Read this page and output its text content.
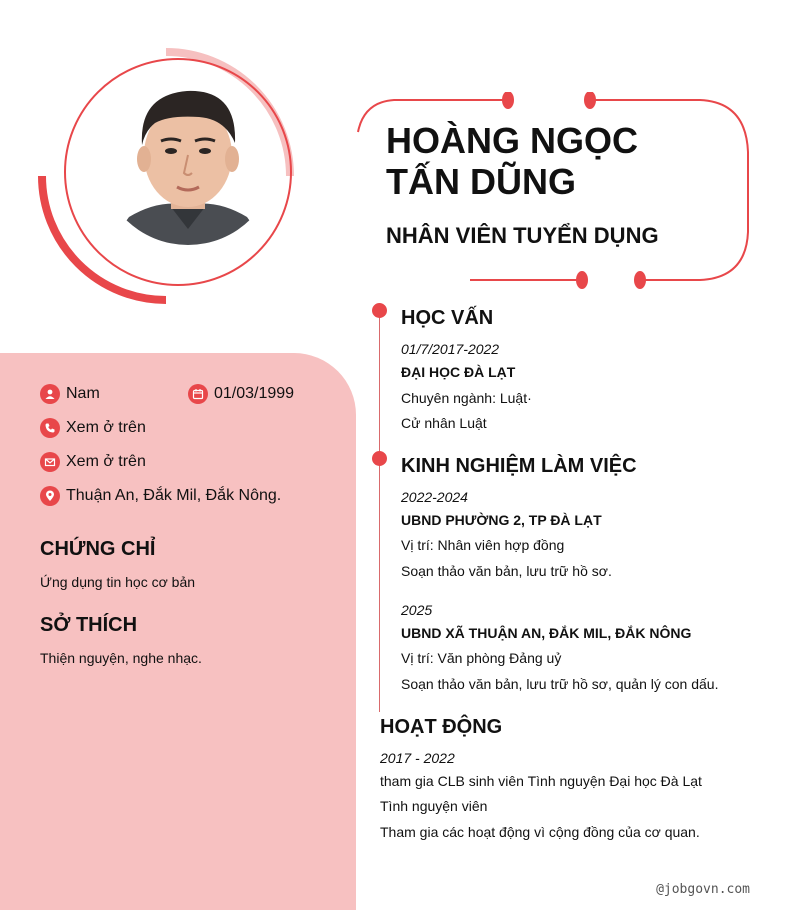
HOÀNG NGỌC
TẤN DŨNG
NHÂN VIÊN TUYỂN DỤNG
Nam	01/03/1999
Xem ở trên
Xem ở trên
Thuận An, Đắk Mil, Đắk Nông.
CHỨNG CHỈ
Ứng dụng tin học cơ bản
SỞ THÍCH
Thiện nguyện, nghe nhạc.
HỌC VẤN
01/7/2017-2022
ĐẠI HỌC ĐÀ LẠT
Chuyên ngành: Luật·
Cử nhân Luật
KINH NGHIỆM LÀM VIỆC
2022-2024
UBND PHƯỜNG 2, TP ĐÀ LẠT
Vị trí: Nhân viên hợp đồng
Soạn thảo văn bản, lưu trữ hồ sơ.
2025
UBND XÃ THUẬN AN, ĐẮK MIL, ĐẮK NÔNG
Vị trí: Văn phòng Đảng uỷ
Soạn thảo văn bản, lưu trữ hồ sơ, quản lý con dấu.
HOẠT ĐỘNG
2017 - 2022
tham gia CLB sinh viên Tình nguyện Đại học Đà Lạt
Tình nguyện viên
Tham gia các hoạt động vì cộng đồng của cơ quan.
@jobgovn.com
